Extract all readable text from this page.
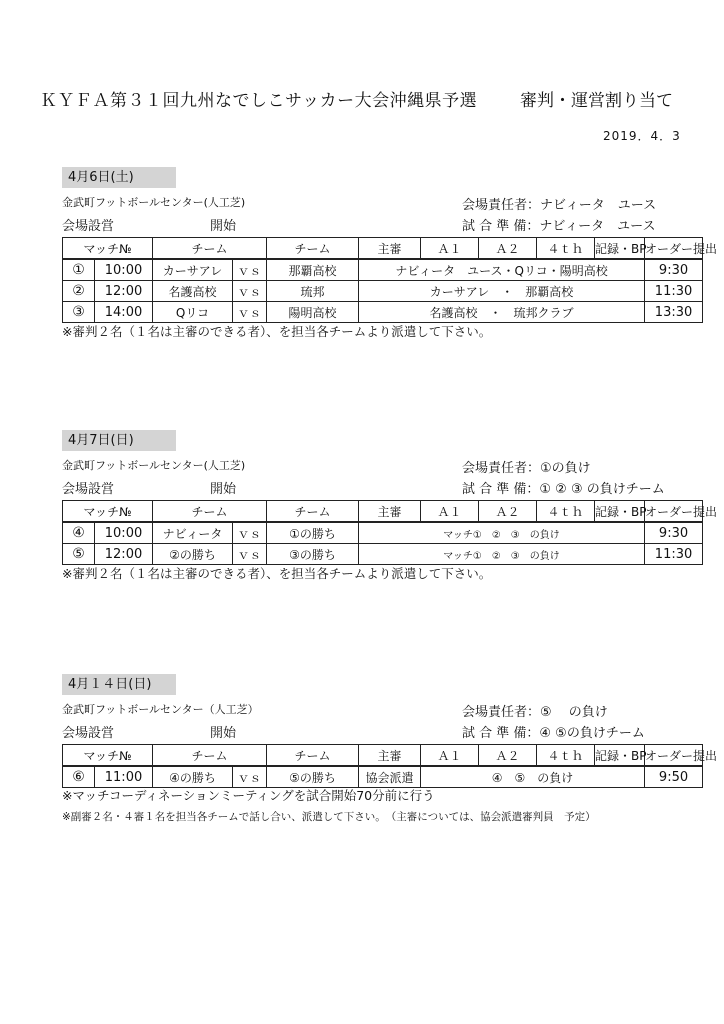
ＫＹＦＡ第３１回九州なでしこサッカー大会沖縄県予選	審判・運営割り当て
2019．4．3
4月6日(土)
金武町フットボールセンター(人工芝)
会場設営	開始
会場責任者：ナビィータ　ユース
試 合 準 備：ナビィータ　ユース
マッチ№		チーム		チーム	主審	Ａ１	Ａ２	４ｔｈ	記録・BP	オーダー提出
①	10:00	カーサアレ	ｖｓ	那覇高校	ナビィータ　ユース・Qリコ・陽明高校					9:30
②	12:00	名護高校	ｖｓ	琉邦	カーサアレ　・　那覇高校					11:30
③	14:00	Qリコ	ｖｓ	陽明高校	名護高校　・　琉邦クラブ					13:30
※審判２名（１名は主審のできる者）、を担当各チームより派遣して下さい。
4月7日(日)
金武町フットボールセンター(人工芝)
会場設営	開始
会場責任者：①の負け
試 合 準 備：① ② ③ の負けチーム
マッチ№		チーム		チーム	主審	Ａ１	Ａ２	４ｔｈ	記録・BP	オーダー提出
④	10:00	ナビィータ	ｖｓ	①の勝ち	マッチ①　②　③　の負け					9:30
⑤	12:00	②の勝ち	ｖｓ	③の勝ち	マッチ①　②　③　の負け					11:30
※審判２名（１名は主審のできる者）、を担当各チームより派遣して下さい。
4月１４日(日)
金武町フットボールセンター（人工芝）
会場設営	開始
会場責任者：⑤　 の負け
試 合 準 備：④ ⑤の負けチーム
マッチ№		チーム		チーム	主審	Ａ１	Ａ２	４ｔｈ	記録・BP	オーダー提出
⑥	11:00	④の勝ち	ｖｓ	⑤の勝ち	協会派遣	④　⑤　の負け				9:50
※マッチコーディネーションミーティングを試合開始70分前に行う
※副審２名・４審１名を担当各チームで話し合い、派遣して下さい。　（主審については、協会派遣審判員　予定）
